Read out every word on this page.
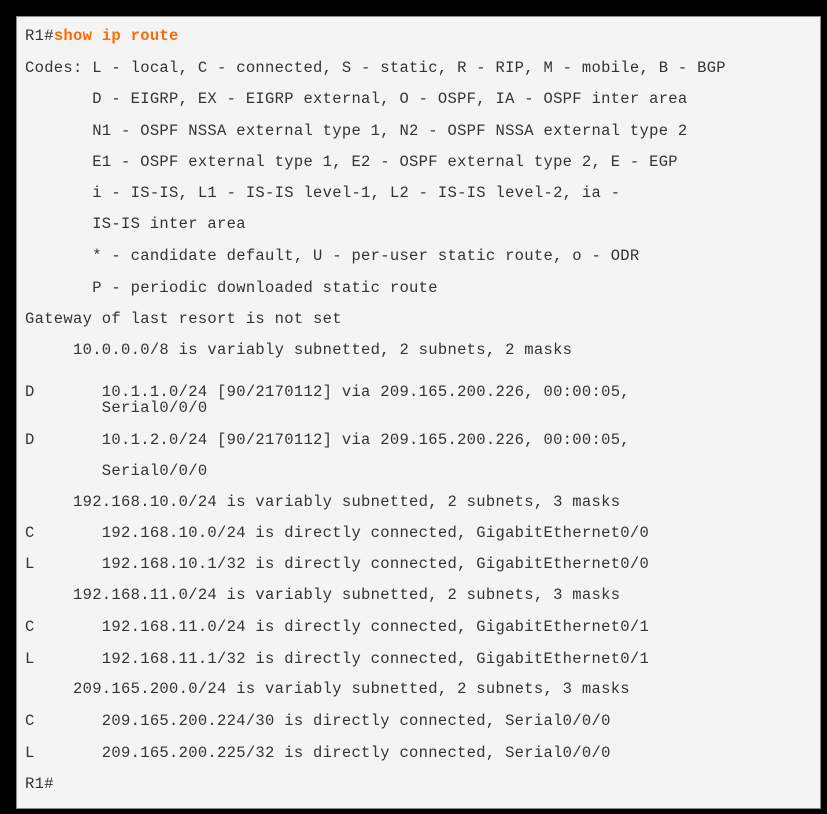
R1#show ip route
Codes: L - local, C - connected, S - static, R - RIP, M - mobile, B - BGP
D - EIGRP, EX - EIGRP external, O - OSPF, IA - OSPF inter area
N1 - OSPF NSSA external type 1, N2 - OSPF NSSA external type 2
E1 - OSPF external type 1, E2 - OSPF external type 2, E - EGP
i - IS-IS, L1 - IS-IS level-1, L2 - IS-IS level-2, ia -
IS-IS inter area
* - candidate default, U - per-user static route, o - ODR
P - periodic downloaded static route
Gateway of last resort is not set
10.0.0.0/8 is variably subnetted, 2 subnets, 2 masks
D       10.1.1.0/24 [90/2170112] via 209.165.200.226, 00:00:05,
Serial0/0/0
D       10.1.2.0/24 [90/2170112] via 209.165.200.226, 00:00:05,
Serial0/0/0
192.168.10.0/24 is variably subnetted, 2 subnets, 3 masks
C       192.168.10.0/24 is directly connected, GigabitEthernet0/0
L       192.168.10.1/32 is directly connected, GigabitEthernet0/0
192.168.11.0/24 is variably subnetted, 2 subnets, 3 masks
C       192.168.11.0/24 is directly connected, GigabitEthernet0/1
L       192.168.11.1/32 is directly connected, GigabitEthernet0/1
209.165.200.0/24 is variably subnetted, 2 subnets, 3 masks
C       209.165.200.224/30 is directly connected, Serial0/0/0
L       209.165.200.225/32 is directly connected, Serial0/0/0
R1#
